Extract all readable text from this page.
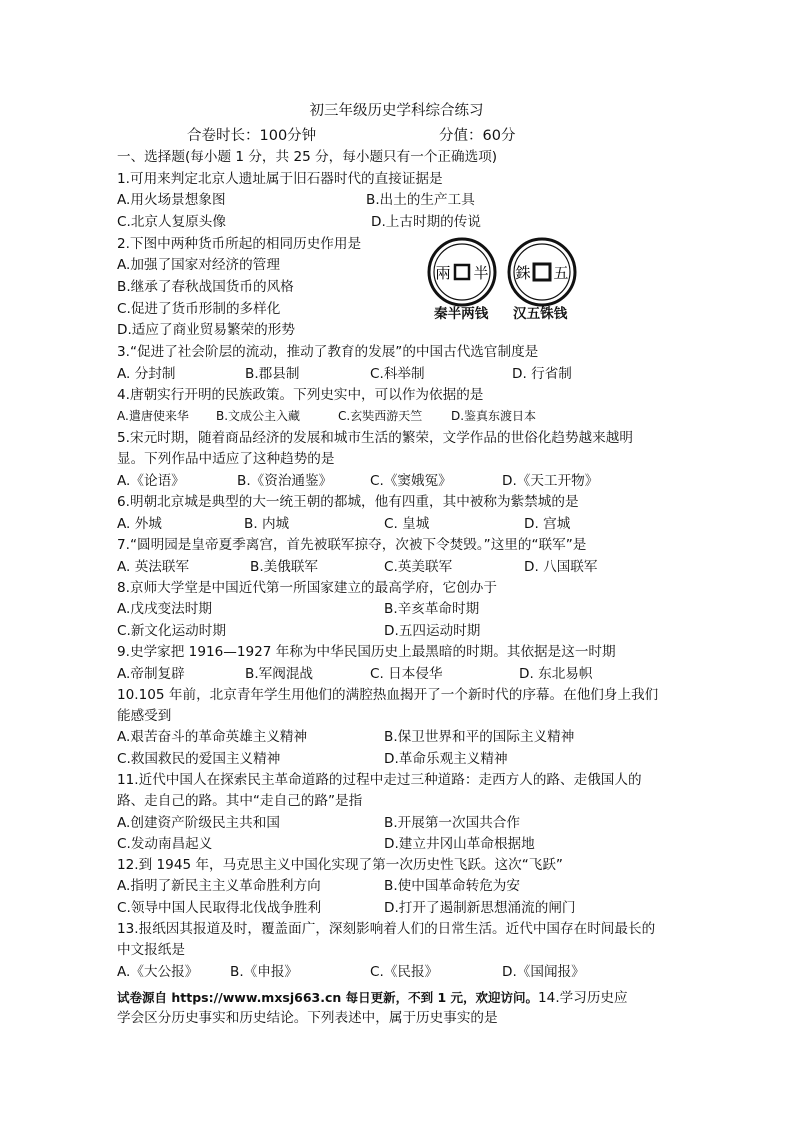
初三年级历史学科综合练习
合卷时长：100分钟	分值：60分
一、选择题(每小题 1 分，共 25 分，每小题只有一个正确选项)
1.可用来判定北京人遗址属于旧石器时代的直接证据是
A.用火场景想象图	B.出土的生产工具
C.北京人复原头像	D.上古时期的传说
2.下图中两种货币所起的相同历史作用是
A.加强了国家对经济的管理
B.继承了春秋战国货币的风格
C.促进了货币形制的多样化
D.适应了商业贸易繁荣的形势
兩 半 銖 五
秦半两钱 汉五铢钱
3.“促进了社会阶层的流动，推动了教育的发展”的中国古代选官制度是
A. 分封制	B.郡县制	C.科举制	D. 行省制
4.唐朝实行开明的民族政策。下列史实中，可以作为依据的是
A.遣唐使来华 B.文成公主入藏	C.玄奘西游天竺 D.鉴真东渡日本
5.宋元时期，随着商品经济的发展和城市生活的繁荣，文学作品的世俗化趋势越来越明
显。下列作品中适应了这种趋势的是
A.《论语》	B.《资治通鉴》	C.《窦娥冤》	D.《天工开物》
6.明朝北京城是典型的大一统王朝的都城，他有四重，其中被称为紫禁城的是
A. 外城	B. 内城	C. 皇城	D. 宫城
7.“圆明园是皇帝夏季离宫，首先被联军掠夺，次被下令焚毁。”这里的“联军”是
A. 英法联军	B.美俄联军	C.英美联军	D. 八国联军
8.京师大学堂是中国近代第一所国家建立的最高学府，它创办于
A.戊戌变法时期	B.辛亥革命时期
C.新文化运动时期	D.五四运动时期
9.史学家把 1916—1927 年称为中华民国历史上最黑暗的时期。其依据是这一时期
A.帝制复辟	B.军阀混战	C. 日本侵华	D. 东北易帜
10.105 年前，北京青年学生用他们的满腔热血揭开了一个新时代的序幕。在他们身上我们
能感受到
A.艰苦奋斗的革命英雄主义精神	B.保卫世界和平的国际主义精神
C.救国救民的爱国主义精神	D.革命乐观主义精神
11.近代中国人在探索民主革命道路的过程中走过三种道路：走西方人的路、走俄国人的
路、走自己的路。其中“走自己的路”是指
A.创建资产阶级民主共和国	B.开展第一次国共合作
C.发动南昌起义	D.建立井冈山革命根据地
12.到 1945 年，马克思主义中国化实现了第一次历史性飞跃。这次“飞跃”
A.指明了新民主主义革命胜利方向	B.使中国革命转危为安
C.领导中国人民取得北伐战争胜利	D.打开了遏制新思想涌流的闸门
13.报纸因其报道及时，覆盖面广，深刻影响着人们的日常生活。近代中国存在时间最长的
中文报纸是
A.《大公报》 B.《申报》	C.《民报》	D.《国闻报》
试卷源自 https://www.mxsj663.cn 每日更新，不到 1 元，欢迎访问。14.学习历史应
学会区分历史事实和历史结论。下列表述中，属于历史事实的是
